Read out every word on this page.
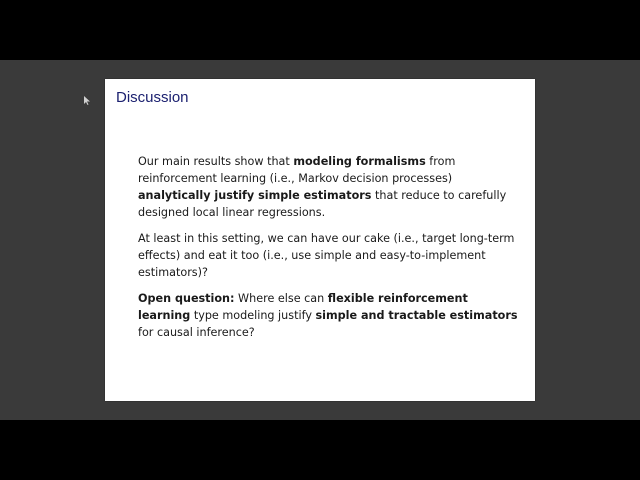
Discussion

Our main results show that modeling formalisms from reinforcement learning (i.e., Markov decision processes) analytically justify simple estimators that reduce to carefully designed local linear regressions.

At least in this setting, we can have our cake (i.e., target long-term effects) and eat it too (i.e., use simple and easy-to-implement estimators)?

Open question: Where else can flexible reinforcement learning type modeling justify simple and tractable estimators for causal inference?
